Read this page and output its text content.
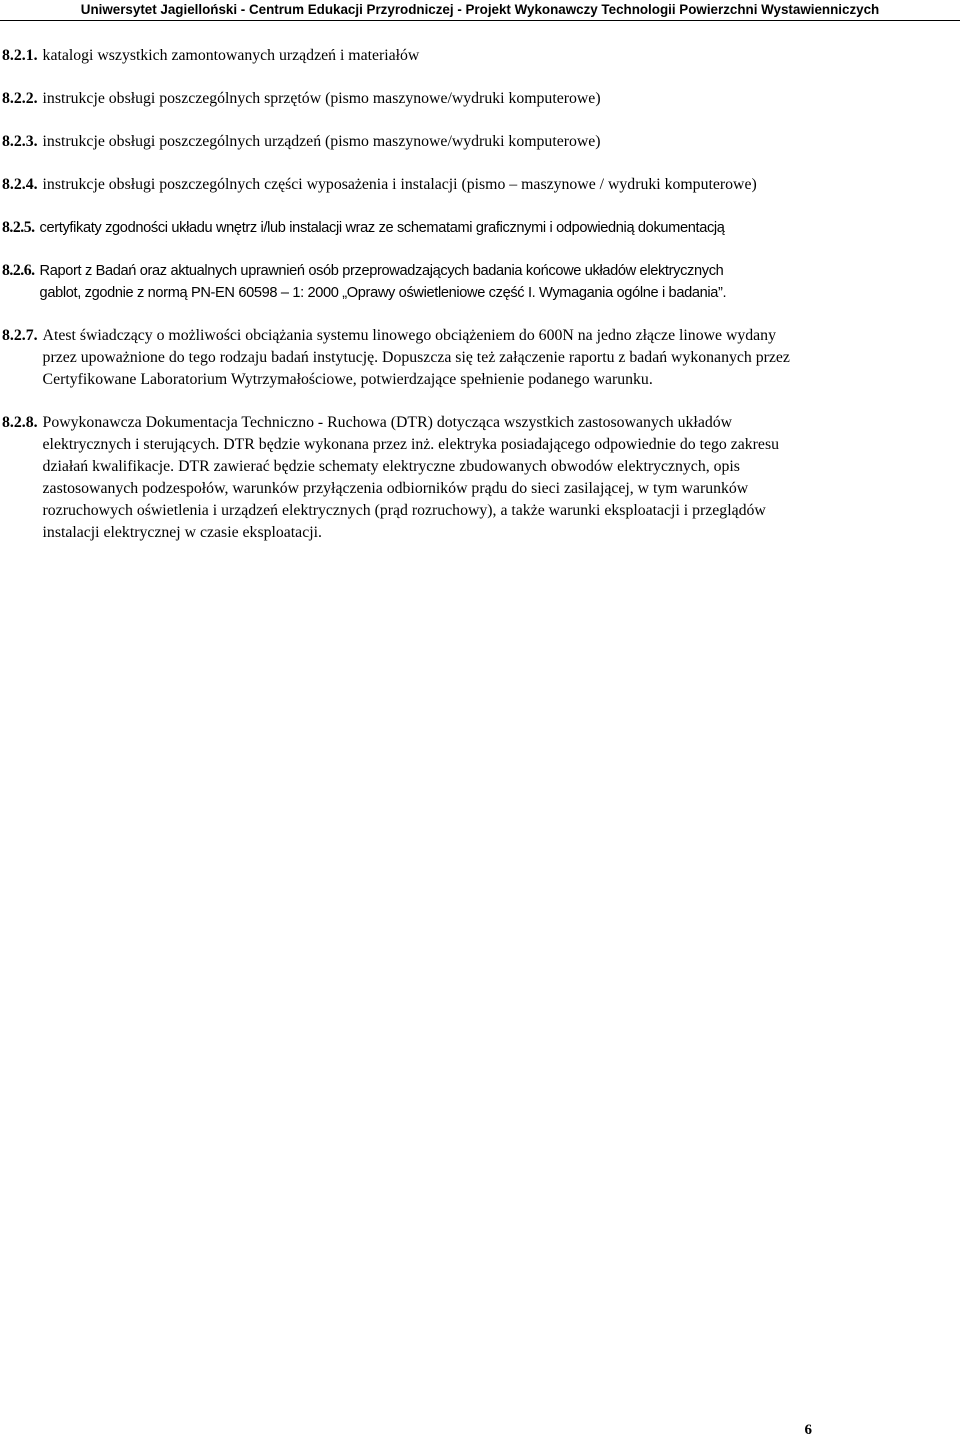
Uniwersytet Jagielloński - Centrum Edukacji Przyrodniczej - Projekt Wykonawczy Technologii Powierzchni Wystawienniczych
8.2.1. katalogi wszystkich zamontowanych urządzeń i materiałów
8.2.2. instrukcje obsługi poszczególnych sprzętów (pismo maszynowe/wydruki komputerowe)
8.2.3. instrukcje obsługi poszczególnych urządzeń (pismo maszynowe/wydruki komputerowe)
8.2.4. instrukcje obsługi poszczególnych części wyposażenia i instalacji (pismo – maszynowe / wydruki komputerowe)
8.2.5. certyfikaty zgodności układu wnętrz i/lub instalacji wraz ze schematami graficznymi i odpowiednią dokumentacją
8.2.6. Raport z Badań oraz aktualnych uprawnień osób przeprowadzających badania końcowe układów elektrycznych
gablot, zgodnie z normą PN-EN 60598 – 1: 2000 „Oprawy oświetleniowe część I. Wymagania ogólne i badania”.
8.2.7. Atest świadczący o możliwości obciążania systemu linowego obciążeniem do 600N na jedno złącze linowe wydany
przez upoważnione do tego rodzaju badań instytucję. Dopuszcza się też załączenie raportu z badań wykonanych przez
Certyfikowane Laboratorium Wytrzymałościowe, potwierdzające spełnienie podanego warunku.
8.2.8. Powykonawcza Dokumentacja Techniczno - Ruchowa (DTR) dotycząca wszystkich zastosowanych układów
elektrycznych i sterujących. DTR będzie wykonana przez inż. elektryka posiadającego odpowiednie do tego zakresu
działań kwalifikacje. DTR zawierać będzie schematy elektryczne zbudowanych obwodów elektrycznych, opis
zastosowanych podzespołów, warunków przyłączenia odbiorników prądu do sieci zasilającej, w tym warunków
rozruchowych oświetlenia i urządzeń elektrycznych (prąd rozruchowy), a także warunki eksploatacji i przeglądów
instalacji elektrycznej w czasie eksploatacji.
6
